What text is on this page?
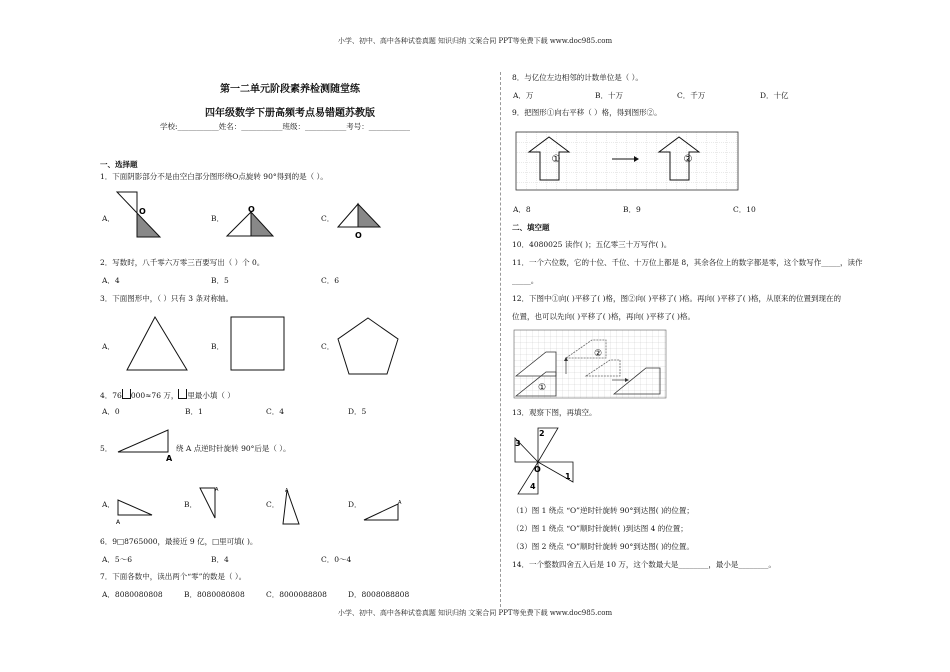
小学、初中、高中各种试卷真题 知识归纳 文案合同 PPT等免费下载 www.doc985.com
小学、初中、高中各种试卷真题 知识归纳 文案合同 PPT等免费下载 www.doc985.com
第一二单元阶段素养检测随堂练
四年级数学下册高频考点易错题苏教版
学校:___________姓名：___________班级：___________考号：___________
一、选择题
1．下面阴影部分不是由空白部分图形绕O点旋转 90°得到的是（ ）。
A．
O
B．
O
C．
O
2．写数时，八千零六万零三百要写出（ ）个 0。
A．4	B．5	C．6
3．下面图形中，（ ）只有 3 条对称轴。
A．	B．	C．
4．76 000≈76 万， 里最小填（ ）
A．0	B．1	C．4	D．5
5．
A
绕 A 点逆时针旋转 90°后是（ ）。
A．
A
B．
A
C．
A
D．	A
6．9□8765000，最接近 9 亿，□里可填( )。
A．5～6	B．4	C．0～4
7．下面各数中，读出两个“零”的数是（ ）。
A．8080080808	B．8080080808	C．8000088808	D．8008088808
8．与亿位左边相邻的计数单位是（ ）。
A．万	B．十万	C．千万	D．十亿
9．把图形①向右平移（ ）格，得到图形②。
①	②
A．8	B．9	C．10
二、填空题
10．4080025 读作( )；五亿零三十万写作( )。
11．一个六位数，它的十位、千位、十万位上都是 8，其余各位上的数字都是零，这个数写作_____，读作
_____。
12．下图中①向( )平移了( )格，图②向( )平移了( )格。再向( )平移了( )格，从原来的位置到现在的
位置，也可以先向( )平移了( )格，再向( )平移了( )格。
①
②
13．观察下图，再填空。
2
3
4
1
O
（1）图 1 绕点 “O”逆时针旋转 90°到达图( )的位置；
（2）图 1 绕点 “O”顺时针旋转( )到达图 4 的位置；
（3）图 2 绕点 “O”顺时针旋转 90°到达图( )的位置。
14．一个整数四舍五入后是 10 万，这个数最大是________，最小是________。
